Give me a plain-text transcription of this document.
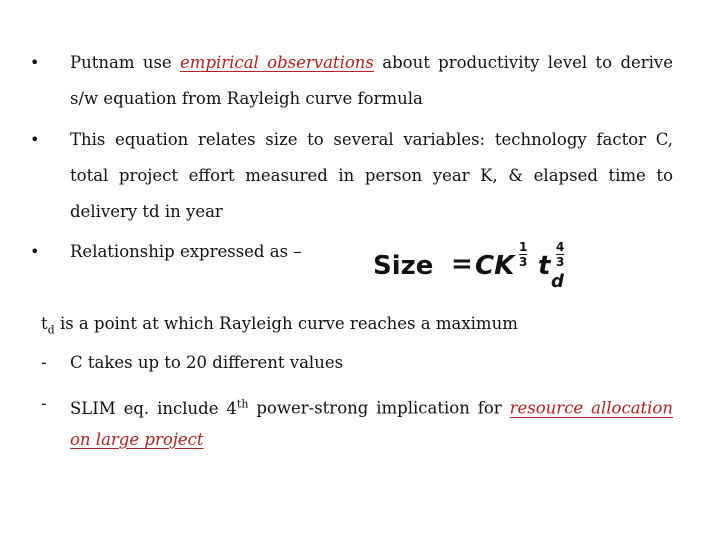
• Putnam use empirical observations about productivity level to derive
s/w equation from Rayleigh curve formula
• This equation relates size to several variables: technology factor C,
total project effort measured in person year K, & elapsed time to
delivery td in year
• Relationship expressed as –	Size = CK
1
3 t
4
3
d
$t_d$ is a point at which Rayleigh curve reaches a maximum
- C takes up to 20 different values
- SLIM eq. include 4th power-strong implication for resource allocation
on large project
